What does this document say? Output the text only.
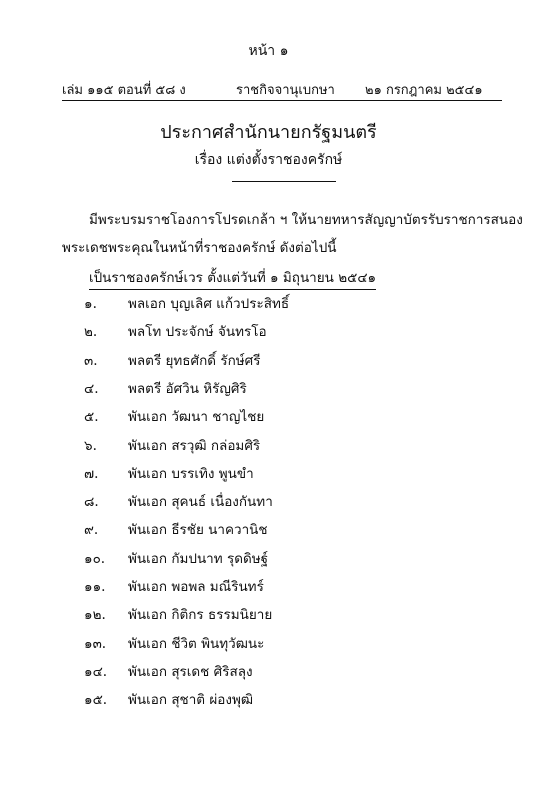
หน้า ๑
เล่ม ๑๑๕ ตอนที่ ๕๘ ง	ราชกิจจานุเบกษา ๒๑ กรกฎาคม ๒๕๔๑
ประกาศสำนักนายกรัฐมนตรี
เรื่อง แต่งตั้งราชองครักษ์
มีพระบรมราชโองการโปรดเกล้า ฯ ให้นายทหารสัญญาบัตรรับราชการสนอง
พระเดชพระคุณในหน้าที่ราชองครักษ์ ดังต่อไปนี้
เป็นราชองครักษ์เวร ตั้งแต่วันที่ ๑ มิถุนายน ๒๕๔๑
๑.	พลเอก บุญเลิศ แก้วประสิทธิ์
๒.	พลโท ประจักษ์ จันทรโอ
๓.	พลตรี ยุทธศักดิ์ รักษ์ศรี
๔.	พลตรี อัศวิน หิรัญศิริ
๕.	พันเอก วัฒนา ชาญไชย
๖.	พันเอก สรวุฒิ กล่อมศิริ
๗.	พันเอก บรรเทิง พูนขำ
๘.	พันเอก สุคนธ์ เนื่องกันทา
๙.	พันเอก ธีรชัย นาควานิช
๑๐.	พันเอก กัมปนาท รุดดิษฐ์
๑๑.	พันเอก พอพล มณีรินทร์
๑๒.	พันเอก กิติกร ธรรมนิยาย
๑๓.	พันเอก ชีวิต พินทุวัฒนะ
๑๔.	พันเอก สุรเดช ศิริสลุง
๑๕.	พันเอก สุชาติ ผ่องพุฒิ
